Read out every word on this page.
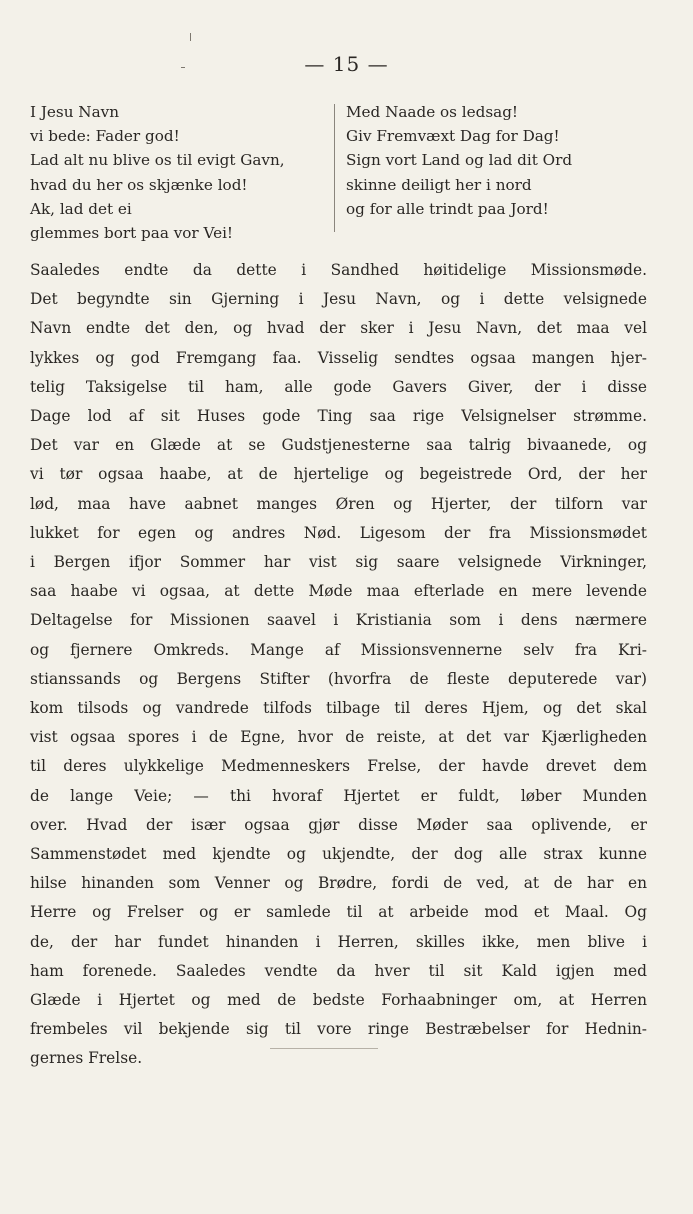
— 15 —
I Jesu Navn
vi bede: Fader god!
Lad alt nu blive os til evigt Gavn,
hvad du her os skjænke lod!
Ak, lad det ei
glemmes bort paa vor Vei!
Med Naade os ledsag!
Giv Fremvæxt Dag for Dag!
Sign vort Land og lad dit Ord
skinne deiligt her i nord
og for alle trindt paa Jord!
Saaledes endte da dette i Sandhed høitidelige Missionsmøde.
Det begyndte sin Gjerning i Jesu Navn, og i dette velsignede
Navn endte det den, og hvad der sker i Jesu Navn, det maa vel
lykkes og god Fremgang faa. Visselig sendtes ogsaa mangen hjer-
telig Taksigelse til ham, alle gode Gavers Giver, der i disse
Dage lod af sit Huses gode Ting saa rige Velsignelser strømme.
Det var en Glæde at se Gudstjenesterne saa talrig bivaanede, og
vi tør ogsaa haabe, at de hjertelige og begeistrede Ord, der her
lød, maa have aabnet manges Øren og Hjerter, der tilforn var
lukket for egen og andres Nød. Ligesom der fra Missionsmødet
i Bergen ifjor Sommer har vist sig saare velsignede Virkninger,
saa haabe vi ogsaa, at dette Møde maa efterlade en mere levende
Deltagelse for Missionen saavel i Kristiania som i dens nærmere
og fjernere Omkreds. Mange af Missionsvennerne selv fra Kri-
stianssands og Bergens Stifter (hvorfra de fleste deputerede var)
kom tilsods og vandrede tilfods tilbage til deres Hjem, og det skal
vist ogsaa spores i de Egne, hvor de reiste, at det var Kjærligheden
til deres ulykkelige Medmenneskers Frelse, der havde drevet dem
de lange Veie; — thi hvoraf Hjertet er fuldt, løber Munden
over. Hvad der især ogsaa gjør disse Møder saa oplivende, er
Sammenstødet med kjendte og ukjendte, der dog alle strax kunne
hilse hinanden som Venner og Brødre, fordi de ved, at de har en
Herre og Frelser og er samlede til at arbeide mod et Maal. Og
de, der har fundet hinanden i Herren, skilles ikke, men blive i
ham forenede. Saaledes vendte da hver til sit Kald igjen med
Glæde i Hjertet og med de bedste Forhaabninger om, at Herren
frembeles vil bekjende sig til vore ringe Bestræbelser for Hednin-
gernes Frelse.
